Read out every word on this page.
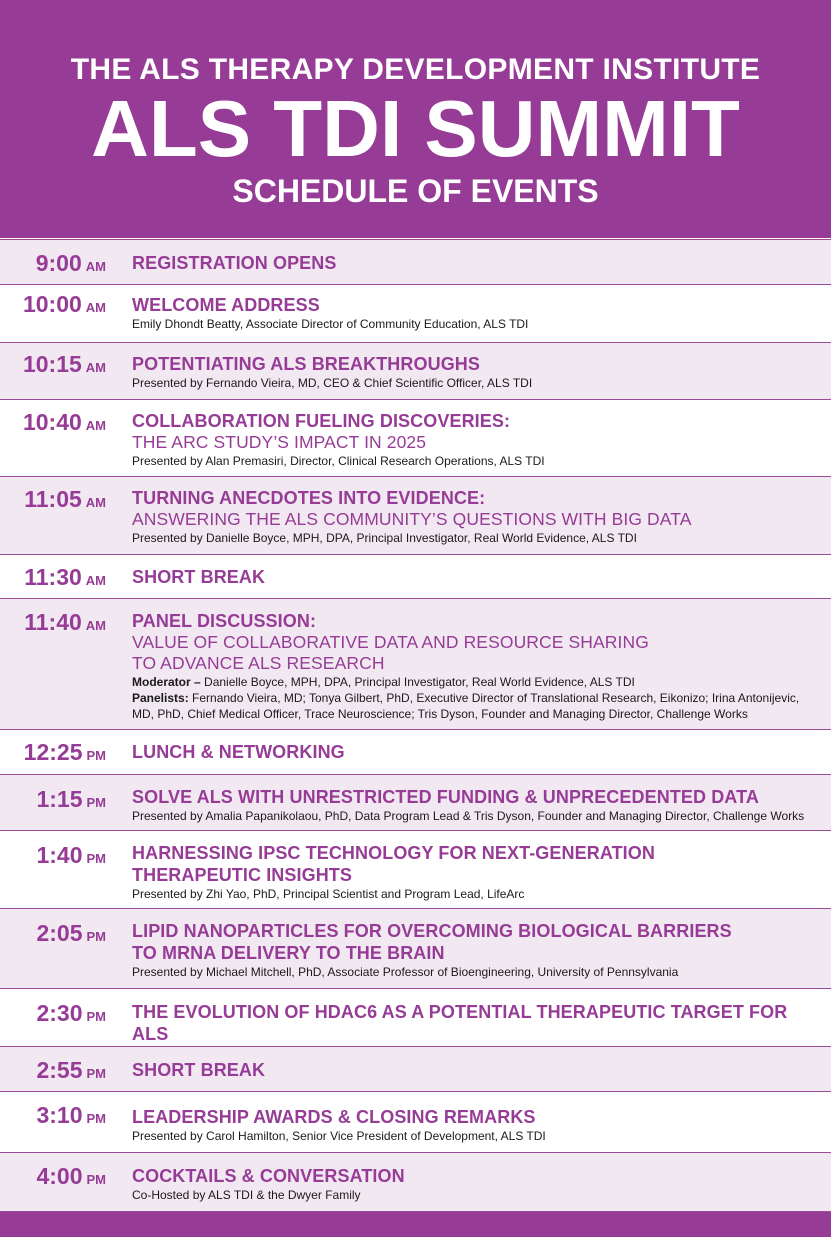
THE ALS THERAPY DEVELOPMENT INSTITUTE
ALS TDI SUMMIT
SCHEDULE OF EVENTS
9:00 AM REGISTRATION OPENS
10:00 AM WELCOME ADDRESS
Emily Dhondt Beatty, Associate Director of Community Education, ALS TDI
10:15 AM POTENTIATING ALS BREAKTHROUGHS
Presented by Fernando Vieira, MD, CEO & Chief Scientific Officer, ALS TDI
10:40 AM COLLABORATION FUELING DISCOVERIES:
THE ARC STUDY’S IMPACT IN 2025
Presented by Alan Premasiri, Director, Clinical Research Operations, ALS TDI
11:05 AM TURNING ANECDOTES INTO EVIDENCE:
ANSWERING THE ALS COMMUNITY’S QUESTIONS WITH BIG DATA
Presented by Danielle Boyce, MPH, DPA, Principal Investigator, Real World Evidence, ALS TDI
11:30 AM SHORT BREAK
11:40 AM PANEL DISCUSSION:
VALUE OF COLLABORATIVE DATA AND RESOURCE SHARING
TO ADVANCE ALS RESEARCH
Moderator – Danielle Boyce, MPH, DPA, Principal Investigator, Real World Evidence, ALS TDI
Panelists: Fernando Vieira, MD; Tonya Gilbert, PhD, Executive Director of Translational Research, Eikonizo; Irina Antonijevic,
MD, PhD, Chief Medical Officer, Trace Neuroscience; Tris Dyson, Founder and Managing Director, Challenge Works
12:25 PM LUNCH & NETWORKING
1:15 PM SOLVE ALS WITH UNRESTRICTED FUNDING & UNPRECEDENTED DATA
Presented by Amalia Papanikolaou, PhD, Data Program Lead & Tris Dyson, Founder and Managing Director, Challenge Works
1:40 PM HARNESSING IPSC TECHNOLOGY FOR NEXT-GENERATION
THERAPEUTIC INSIGHTS
Presented by Zhi Yao, PhD, Principal Scientist and Program Lead, LifeArc
2:05 PM LIPID NANOPARTICLES FOR OVERCOMING BIOLOGICAL BARRIERS
TO MRNA DELIVERY TO THE BRAIN
Presented by Michael Mitchell, PhD, Associate Professor of Bioengineering, University of Pennsylvania
2:30 PM THE EVOLUTION OF HDAC6 AS A POTENTIAL THERAPEUTIC TARGET FOR ALS
2:55 PM SHORT BREAK
3:10 PM LEADERSHIP AWARDS & CLOSING REMARKS
Presented by Carol Hamilton, Senior Vice President of Development, ALS TDI
4:00 PM COCKTAILS & CONVERSATION
Co-Hosted by ALS TDI & the Dwyer Family
